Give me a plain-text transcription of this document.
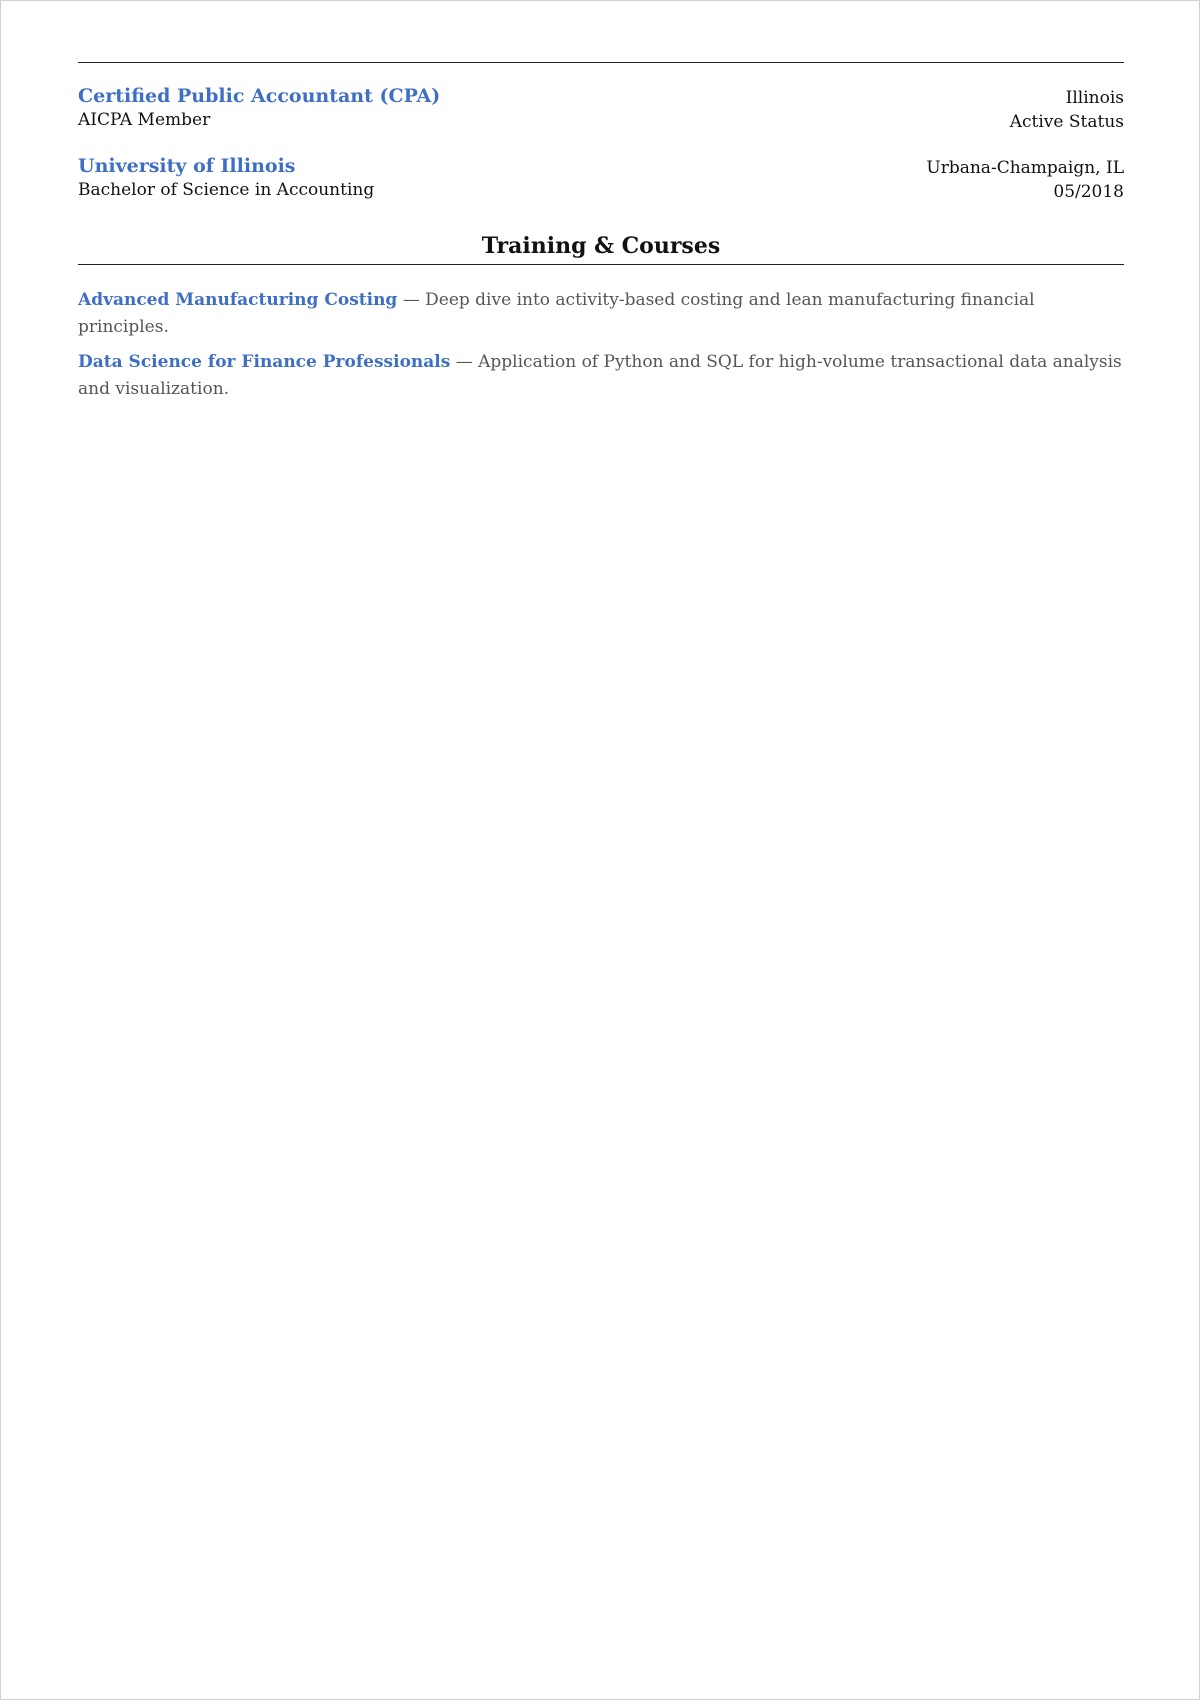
Certified Public Accountant (CPA)
AICPA Member
Illinois
Active Status
University of Illinois
Bachelor of Science in Accounting
Urbana-Champaign, IL
05/2018
Training & Courses
Advanced Manufacturing Costing — Deep dive into activity-based costing and lean manufacturing financial principles.
Data Science for Finance Professionals — Application of Python and SQL for high-volume transactional data analysis and visualization.
